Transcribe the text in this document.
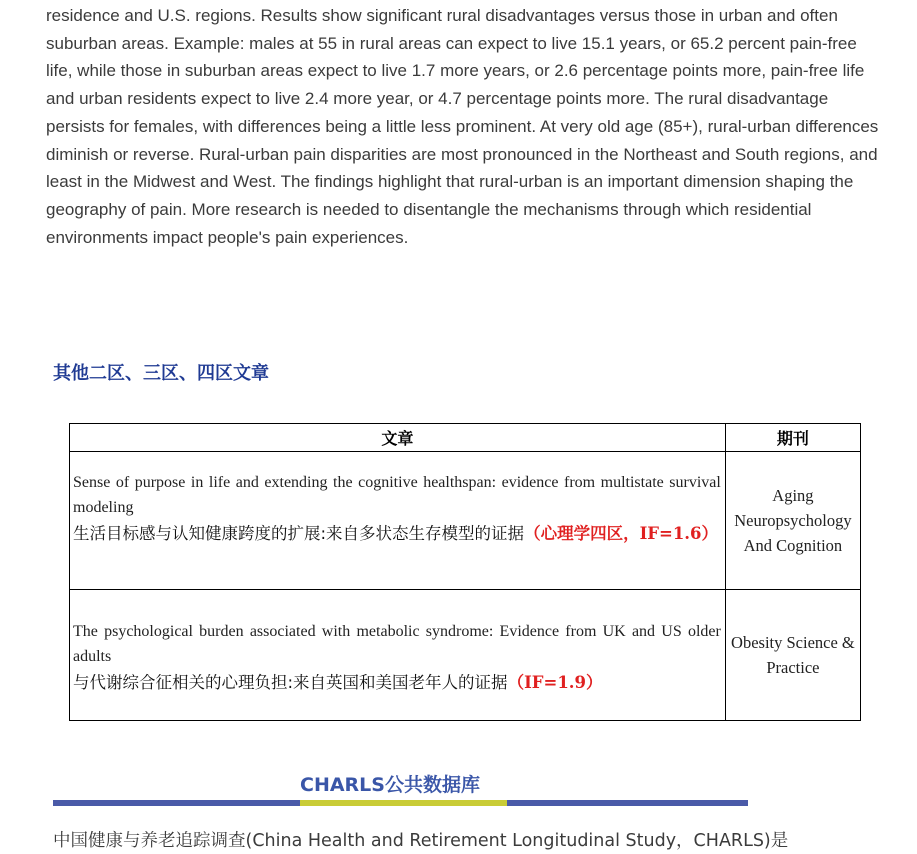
residence and U.S. regions. Results show significant rural disadvantages versus those in urban and often suburban areas. Example: males at 55 in rural areas can expect to live 15.1 years, or 65.2 percent pain-free life, while those in suburban areas expect to live 1.7 more years, or 2.6 percentage points more, pain-free life and urban residents expect to live 2.4 more year, or 4.7 percentage points more. The rural disadvantage persists for females, with differences being a little less prominent. At very old age (85+), rural-urban differences diminish or reverse. Rural-urban pain disparities are most pronounced in the Northeast and South regions, and least in the Midwest and West. The findings highlight that rural-urban is an important dimension shaping the geography of pain. More research is needed to disentangle the mechanisms through which residential environments impact people's pain experiences.

其他二区、三区、四区文章
文章	期刊

Sense of purpose in life and extending the cognitive healthspan: evidence from multistate survival modeling
生活目标感与认知健康跨度的扩展:来自多状态生存模型的证据（心理学四区，IF=1.6）	Aging Neuropsychology And Cognition

The psychological burden associated with metabolic syndrome: Evidence from UK and US older adults
与代谢综合征相关的心理负担:来自英国和美国老年人的证据（IF=1.9）	Obesity Science & Practice
CHARLS公共数据库

中国健康与养老追踪调查(China Health and Retirement Longitudinal Study，CHARLS)是
